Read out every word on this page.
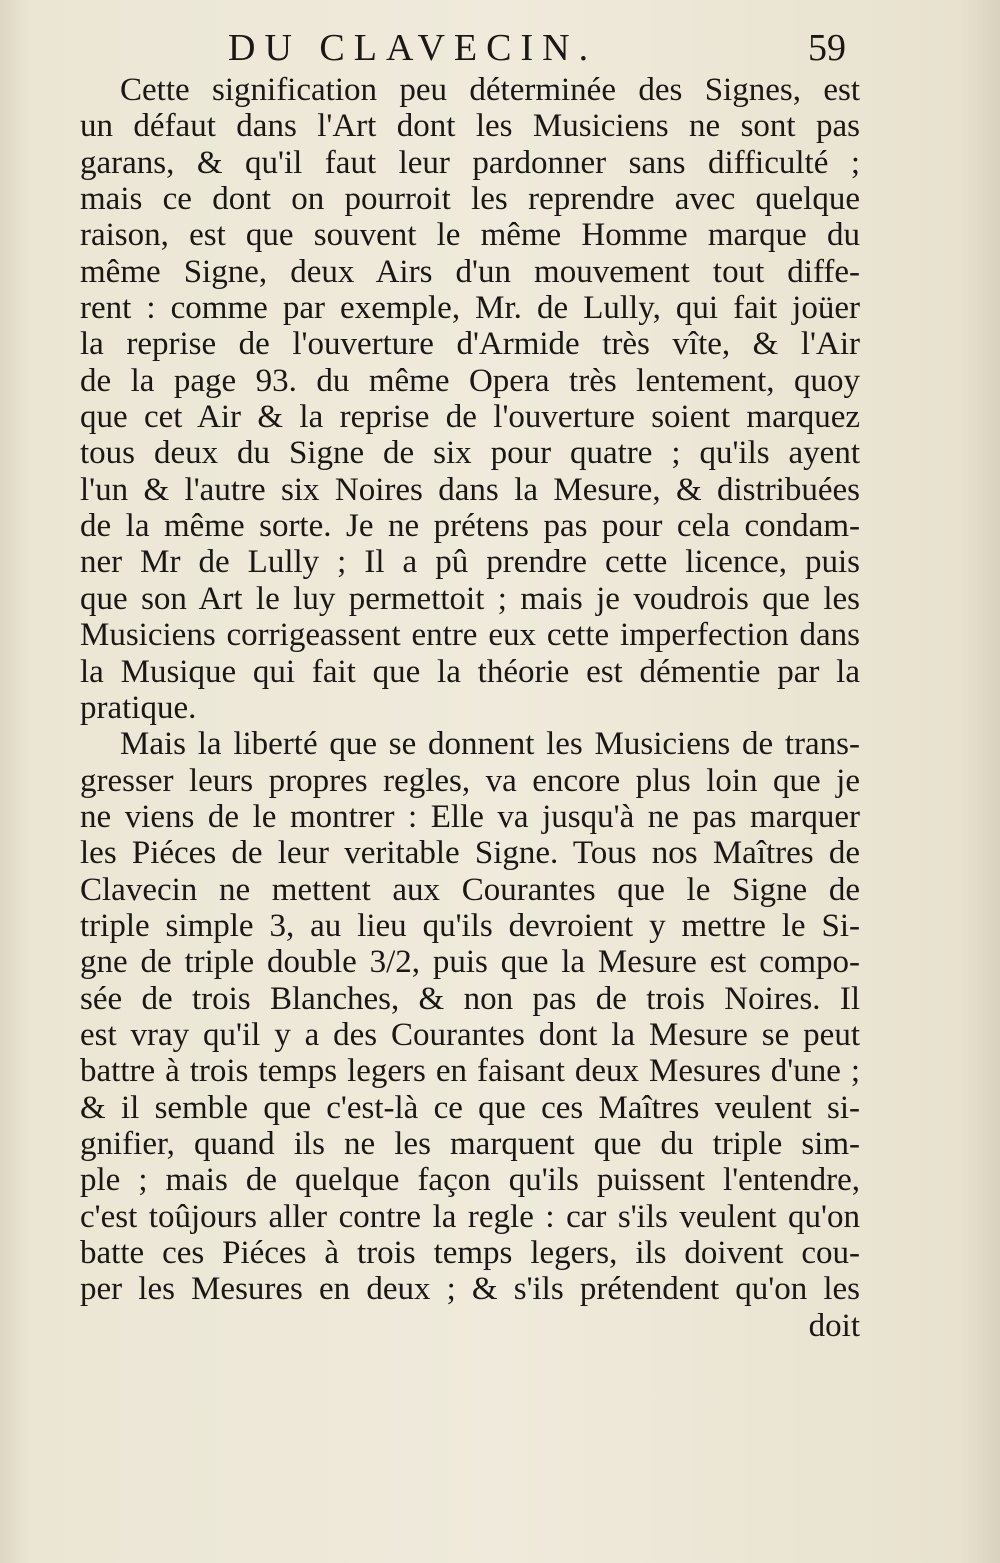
DU CLAVECIN.	59
Cette signification peu déterminée des Signes, est
un défaut dans l'Art dont les Musiciens ne sont pas
garans, & qu'il faut leur pardonner sans difficulté ;
mais ce dont on pourroit les reprendre avec quelque
raison, est que souvent le même Homme marque du
même Signe, deux Airs d'un mouvement tout diffe-
rent : comme par exemple, Mr. de Lully, qui fait joüer
la reprise de l'ouverture d'Armide très vîte, & l'Air
de la page 93. du même Opera très lentement, quoy
que cet Air & la reprise de l'ouverture soient marquez
tous deux du Signe de six pour quatre ; qu'ils ayent
l'un & l'autre six Noires dans la Mesure, & distribuées
de la même sorte. Je ne prétens pas pour cela condam-
ner Mr de Lully ; Il a pû prendre cette licence, puis
que son Art le luy permettoit ; mais je voudrois que les
Musiciens corrigeassent entre eux cette imperfection dans
la Musique qui fait que la théorie est démentie par la
pratique.
Mais la liberté que se donnent les Musiciens de trans-
gresser leurs propres regles, va encore plus loin que je
ne viens de le montrer : Elle va jusqu'à ne pas marquer
les Piéces de leur veritable Signe. Tous nos Maîtres de
Clavecin ne mettent aux Courantes que le Signe de
triple simple 3, au lieu qu'ils devroient y mettre le Si-
gne de triple double 3/2, puis que la Mesure est compo-
sée de trois Blanches, & non pas de trois Noires. Il
est vray qu'il y a des Courantes dont la Mesure se peut
battre à trois temps legers en faisant deux Mesures d'une ;
& il semble que c'est-là ce que ces Maîtres veulent si-
gnifier, quand ils ne les marquent que du triple sim-
ple ; mais de quelque façon qu'ils puissent l'entendre,
c'est toûjours aller contre la regle : car s'ils veulent qu'on
batte ces Piéces à trois temps legers, ils doivent cou-
per les Mesures en deux ; & s'ils prétendent qu'on les
doit
